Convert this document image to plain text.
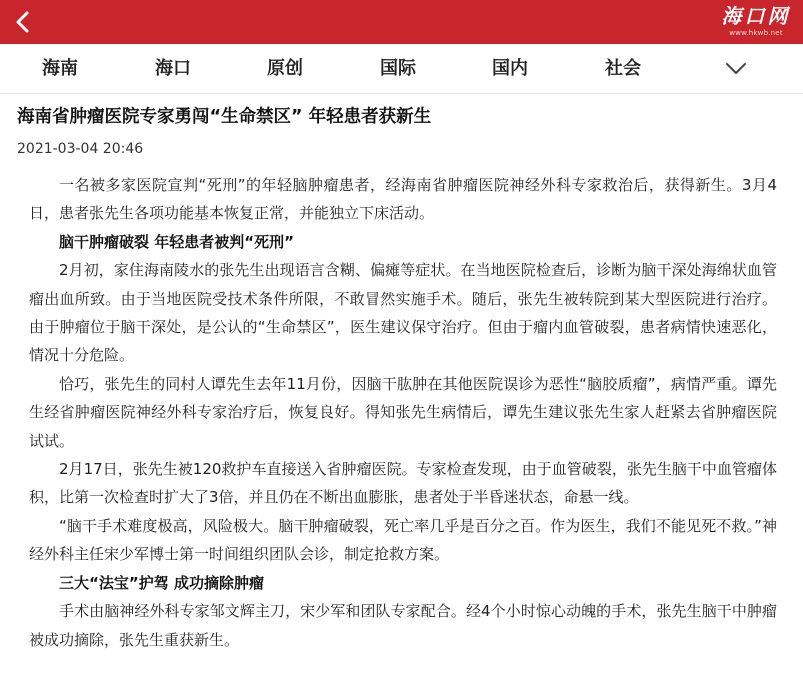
海口网
www.hkwb.net
海南	海口	原创	国际	国内	社会
海南省肿瘤医院专家勇闯“生命禁区” 年轻患者获新生
2021-03-04 20:46

一名被多家医院宣判“死刑”的年轻脑肿瘤患者，经海南省肿瘤医院神经外科专家救治后，获得新生。3月4日，患者张先生各项功能基本恢复正常，并能独立下床活动。

脑干肿瘤破裂 年轻患者被判“死刑”

2月初，家住海南陵水的张先生出现语言含糊、偏瘫等症状。在当地医院检查后，诊断为脑干深处海绵状血管瘤出血所致。由于当地医院受技术条件所限，不敢冒然实施手术。随后，张先生被转院到某大型医院进行治疗。由于肿瘤位于脑干深处，是公认的“生命禁区”，医生建议保守治疗。但由于瘤内血管破裂，患者病情快速恶化，情况十分危险。

恰巧，张先生的同村人谭先生去年11月份，因脑干肱肿在其他医院误诊为恶性“脑胶质瘤”，病情严重。谭先生经省肿瘤医院神经外科专家治疗后，恢复良好。得知张先生病情后，谭先生建议张先生家人赶紧去省肿瘤医院试试。

2月17日，张先生被120救护车直接送入省肿瘤医院。专家检查发现，由于血管破裂，张先生脑干中血管瘤体积，比第一次检查时扩大了3倍，并且仍在不断出血膨胀，患者处于半昏迷状态，命悬一线。

“脑干手术难度极高，风险极大。脑干肿瘤破裂，死亡率几乎是百分之百。作为医生，我们不能见死不救。”神经外科主任宋少军博士第一时间组织团队会诊，制定抢救方案。

三大“法宝”护驾 成功摘除肿瘤

手术由脑神经外科专家邹文辉主刀，宋少军和团队专家配合。经4个小时惊心动魄的手术，张先生脑干中肿瘤被成功摘除，张先生重获新生。
